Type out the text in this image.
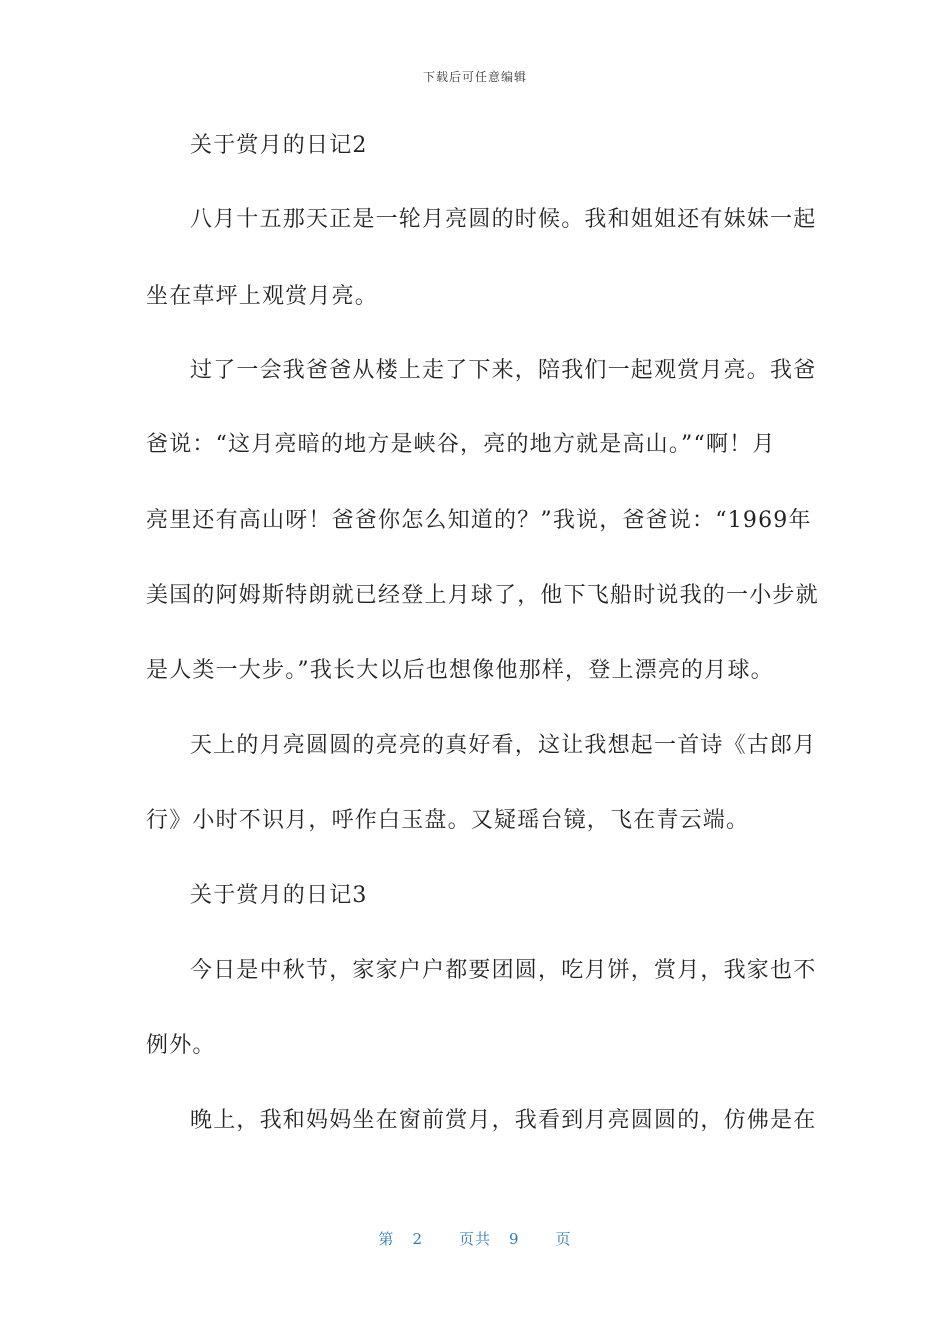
下载后可任意编辑
关于赏月的日记2
八月十五那天正是一轮月亮圆的时候。我和姐姐还有妹妹一起
坐在草坪上观赏月亮。
过了一会我爸爸从楼上走了下来，陪我们一起观赏月亮。我爸
爸说：“这月亮暗的地方是峡谷，亮的地方就是高山。”“啊！月
亮里还有高山呀！爸爸你怎么知道的？”我说，爸爸说：“1969年
美国的阿姆斯特朗就已经登上月球了，他下飞船时说我的一小步就
是人类一大步。”我长大以后也想像他那样，登上漂亮的月球。
天上的月亮圆圆的亮亮的真好看，这让我想起一首诗《古郎月
行》小时不识月，呼作白玉盘。又疑瑶台镜，飞在青云端。
关于赏月的日记3
今日是中秋节，家家户户都要团圆，吃月饼，赏月，我家也不
例外。
晚上，我和妈妈坐在窗前赏月，我看到月亮圆圆的，仿佛是在
第 2 页共 9 页
